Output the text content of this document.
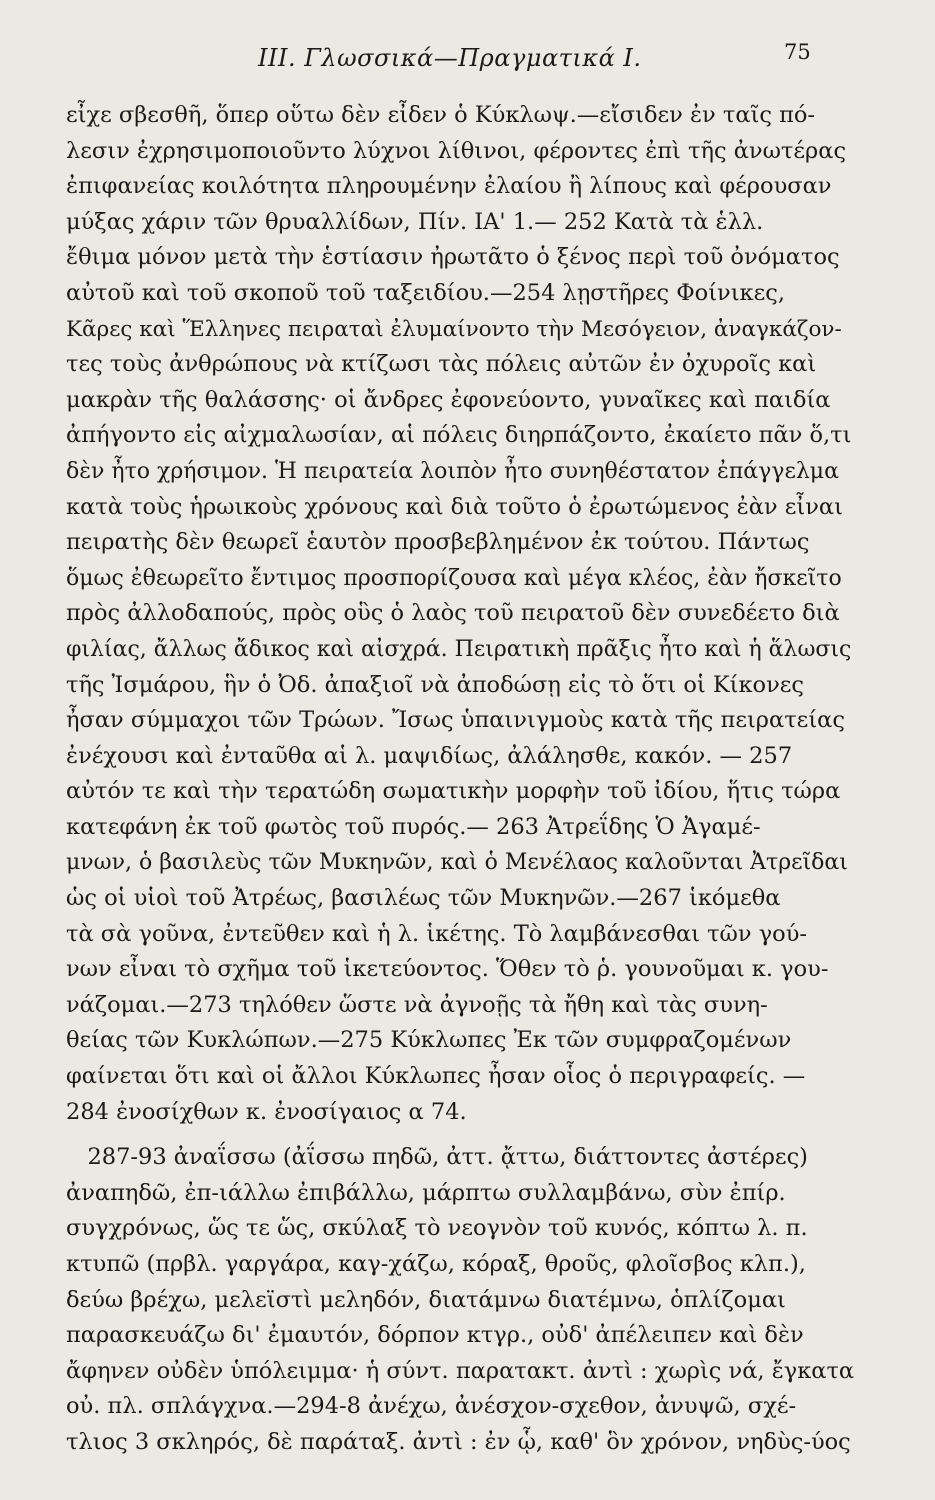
ΙΙΙ. Γλωσσικά—Πραγματικά Ι.	75
εἶχε σβεσθῆ, ὅπερ οὕτω δὲν εἶδεν ὁ Κύκλωψ.—εἴσιδεν ἐν ταῖς πό-
λεσιν ἐχρησιμοποιοῦντο λύχνοι λίθινοι, φέροντες ἐπὶ τῆς ἀνωτέρας
ἐπιφανείας κοιλότητα πληρουμένην ἐλαίου ἢ λίπους καὶ φέρουσαν
μύξας χάριν τῶν θρυαλλίδων, Πίν. ΙΑ' 1.— 252 Κατὰ τὰ ἑλλ.
ἔθιμα μόνον μετὰ τὴν ἑστίασιν ἠρωτᾶτο ὁ ξένος περὶ τοῦ ὀνόματος
αὐτοῦ καὶ τοῦ σκοποῦ τοῦ ταξειδίου.—254 λῃστῆρες Φοίνικες,
Κᾶρες καὶ Ἕλληνες πειραταὶ ἐλυμαίνοντο τὴν Μεσόγειον, ἀναγκάζον-
τες τοὺς ἀνθρώπους νὰ κτίζωσι τὰς πόλεις αὐτῶν ἐν ὀχυροῖς καὶ
μακρὰν τῆς θαλάσσης· οἱ ἄνδρες ἐφονεύοντο, γυναῖκες καὶ παιδία
ἀπήγοντο εἰς αἰχμαλωσίαν, αἱ πόλεις διηρπάζοντο, ἐκαίετο πᾶν ὅ,τι
δὲν ἦτο χρήσιμον. Ἡ πειρατεία λοιπὸν ἦτο συνηθέστατον ἐπάγγελμα
κατὰ τοὺς ἡρωικοὺς χρόνους καὶ διὰ τοῦτο ὁ ἐρωτώμενος ἐὰν εἶναι
πειρατὴς δὲν θεωρεῖ ἑαυτὸν προσβεβλημένον ἐκ τούτου. Πάντως
ὅμως ἐθεωρεῖτο ἔντιμος προσπορίζουσα καὶ μέγα κλέος, ἐὰν ἤσκεῖτο
πρὸς ἀλλοδαπούς, πρὸς οὓς ὁ λαὸς τοῦ πειρατοῦ δὲν συνεδέετο διὰ
φιλίας, ἄλλως ἄδικος καὶ αἰσχρά. Πειρατικὴ πρᾶξις ἦτο καὶ ἡ ἅλωσις
τῆς Ἰσμάρου, ἣν ὁ Ὀδ. ἀπαξιοῖ νὰ ἀποδώσῃ εἰς τὸ ὅτι οἱ Κίκονες
ἦσαν σύμμαχοι τῶν Τρώων. Ἴσως ὑπαινιγμοὺς κατὰ τῆς πειρατείας
ἐνέχουσι καὶ ἐνταῦθα αἱ λ. μαψιδίως, ἀλάλησθε, κακόν. — 257
αὐτόν τε καὶ τὴν τερατώδη σωματικὴν μορφὴν τοῦ ἰδίου, ἥτις τώρα
κατεφάνη ἐκ τοῦ φωτὸς τοῦ πυρός.— 263 Ἀτρεΐδης Ὁ Ἀγαμέ-
μνων, ὁ βασιλεὺς τῶν Μυκηνῶν, καὶ ὁ Μενέλαος καλοῦνται Ἀτρεῖδαι
ὡς οἱ υἱοὶ τοῦ Ἀτρέως, βασιλέως τῶν Μυκηνῶν.—267 ἱκόμεθα
τὰ σὰ γοῦνα, ἐντεῦθεν καὶ ἡ λ. ἱκέτης. Τὸ λαμβάνεσθαι τῶν γού-
νων εἶναι τὸ σχῆμα τοῦ ἱκετεύοντος. Ὅθεν τὸ ῥ. γουνοῦμαι κ. γου-
νάζομαι.—273 τηλόθεν ὥστε νὰ ἀγνοῇς τὰ ἤθη καὶ τὰς συνη-
θείας τῶν Κυκλώπων.—275 Κύκλωπες Ἐκ τῶν συμφραζομένων
φαίνεται ὅτι καὶ οἱ ἄλλοι Κύκλωπες ἦσαν οἷος ὁ περιγραφείς. —
284 ἐνοσίχθων κ. ἐνοσίγαιος α 74.
287-93 ἀναΐσσω (ἀΐσσω πηδῶ, ἀττ. ᾄττω, διάττοντες ἀστέρες)
ἀναπηδῶ, ἐπ-ιάλλω ἐπιβάλλω, μάρπτω συλλαμβάνω, σὺν ἐπίρ.
συγχρόνως, ὥς τε ὥς, σκύλαξ τὸ νεογνὸν τοῦ κυνός, κόπτω λ. π.
κτυπῶ (πρβλ. γαργάρα, καγ-χάζω, κόραξ, θροῦς, φλοῖσβος κλπ.),
δεύω βρέχω, μελεϊστὶ μεληδόν, διατάμνω διατέμνω, ὁπλίζομαι
παρασκευάζω δι' ἐμαυτόν, δόρπον κτγρ., οὐδ' ἀπέλειπεν καὶ δὲν
ἄφηνεν οὐδὲν ὑπόλειμμα· ἡ σύντ. παρατακτ. ἀντὶ : χωρὶς νά, ἔγκατα
οὐ. πλ. σπλάγχνα.—294-8 ἀνέχω, ἀνέσχον-σχεθον, ἀνυψῶ, σχέ-
τλιος 3 σκληρός, δὲ παράταξ. ἀντὶ : ἐν ᾧ, καθ' ὃν χρόνον, νηδὺς-ύος
